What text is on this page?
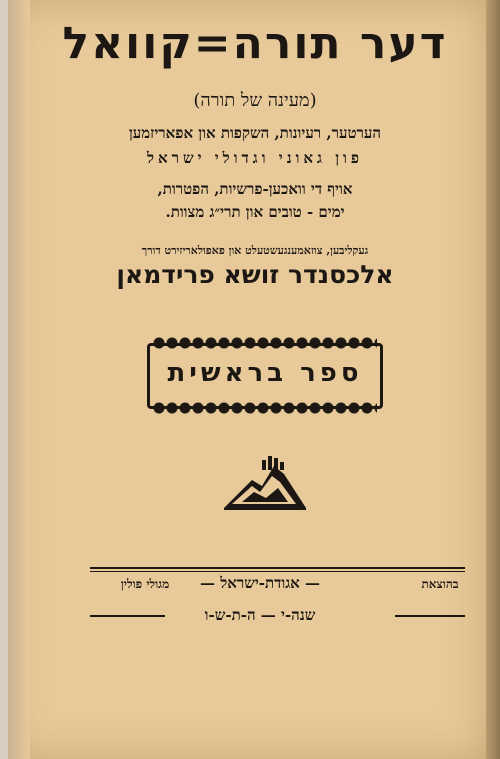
דער תורה=קוואל
(מעינה של תורה)
הערטער, רעיונות, השקפות און אפאריזמען
פון גאוני וגדולי ישראל
אויף די וואכען-פרשיות, הפטרות,
ימים - טובים און תרי״ג מצוות.
געקליבען, צוזאמענגעשטעלט און פאפולאריזירט דורך
אלכסנדר זושא פרידמאן
ספר בראשית
בהוצאת
— אגודת-ישראל —
מגולי פולין
שנה-י — ה-ת-ש-ו
